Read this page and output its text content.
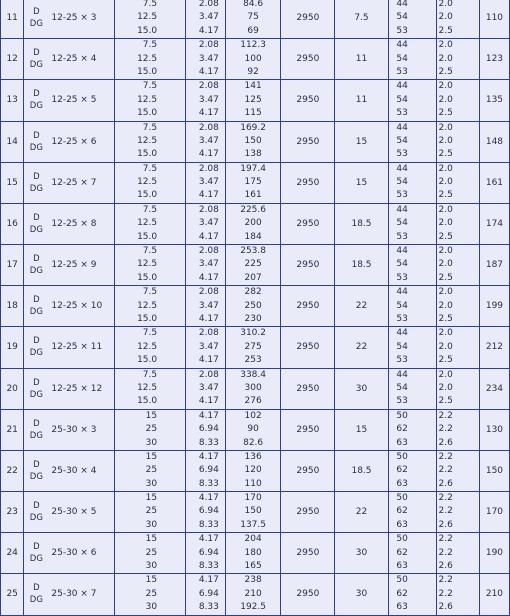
11	D
DG
12-25 × 3	7.5
12.5
15.0	2.08
3.47
4.17	84.6
75
69	2950	7.5	44
54
53	2.0
2.0
2.5	110
12	D
DG
12-25 × 4	7.5
12.5
15.0	2.08
3.47
4.17	112.3
100
92	2950	11	44
54
53	2.0
2.0
2.5	123
13	D
DG
12-25 × 5	7.5
12.5
15.0	2.08
3.47
4.17	141
125
115	2950	11	44
54
53	2.0
2.0
2.5	135
14	D
DG
12-25 × 6	7.5
12.5
15.0	2.08
3.47
4.17	169.2
150
138	2950	15	44
54
53	2.0
2.0
2.5	148
15	D
DG
12-25 × 7	7.5
12.5
15.0	2.08
3.47
4.17	197.4
175
161	2950	15	44
54
53	2.0
2.0
2.5	161
16	D
DG
12-25 × 8	7.5
12.5
15.0	2.08
3.47
4.17	225.6
200
184	2950	18.5	44
54
53	2.0
2.0
2.5	174
17	D
DG
12-25 × 9	7.5
12.5
15.0	2.08
3.47
4.17	253.8
225
207	2950	18.5	44
54
53	2.0
2.0
2.5	187
18	D
DG
12-25 × 10	7.5
12.5
15.0	2.08
3.47
4.17	282
250
230	2950	22	44
54
53	2.0
2.0
2.5	199
19	D
DG
12-25 × 11	7.5
12.5
15.0	2.08
3.47
4.17	310.2
275
253	2950	22	44
54
53	2.0
2.0
2.5	212
20	D
DG
12-25 × 12	7.5
12.5
15.0	2.08
3.47
4.17	338.4
300
276	2950	30	44
54
53	2.0
2.0
2.5	234
21	D
DG
25-30 × 3	15
25
30	4.17
6.94
8.33	102
90
82.6	2950	15	50
62
63	2.2
2.2
2.6	130
22	D
DG
25-30 × 4	15
25
30	4.17
6.94
8.33	136
120
110	2950	18.5	50
62
63	2.2
2.2
2.6	150
23	D
DG
25-30 × 5	15
25
30	4.17
6.94
8.33	170
150
137.5	2950	22	50
62
63	2.2
2.2
2.6	170
24	D
DG
25-30 × 6	15
25
30	4.17
6.94
8.33	204
180
165	2950	30	50
62
63	2.2
2.2
2.6	190
25	D
DG
25-30 × 7	15
25
30	4.17
6.94
8.33	238
210
192.5	2950	30	50
62
63	2.2
2.2
2.6	210
